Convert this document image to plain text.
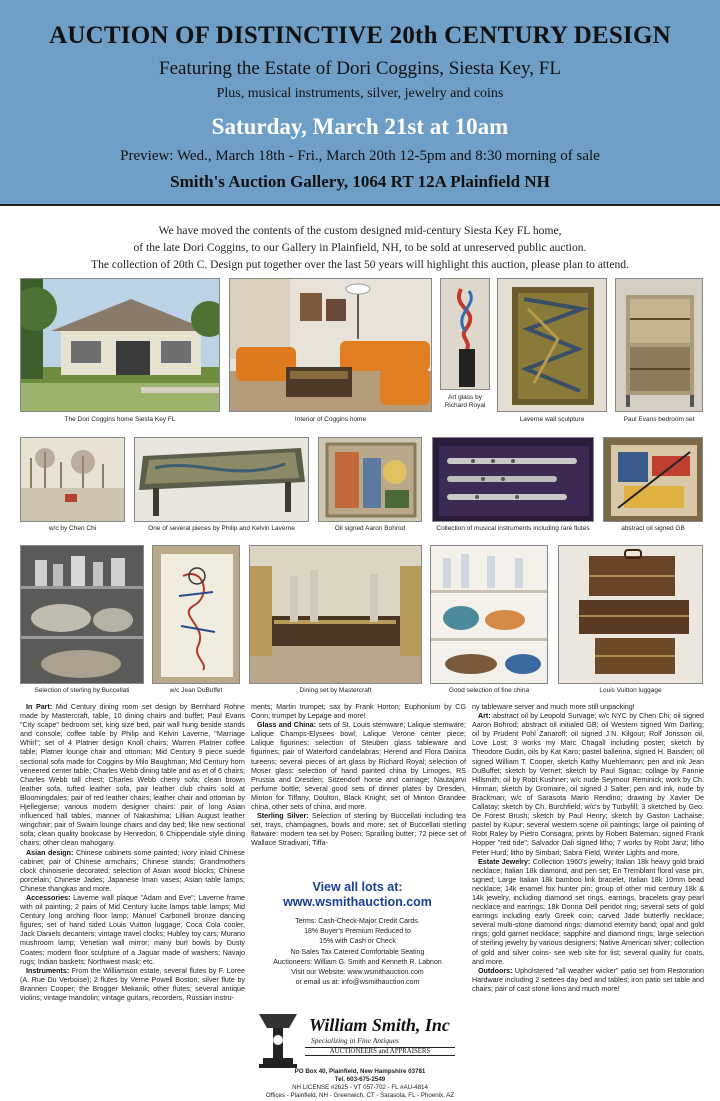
AUCTION OF DISTINCTIVE 20th CENTURY DESIGN
Featuring the Estate of Dori Coggins, Siesta Key, FL
Plus, musical instruments, silver, jewelry and coins
Saturday, March 21st at 10am
Preview: Wed., March 18th - Fri., March 20th 12-5pm and 8:30 morning of sale
Smith's Auction Gallery, 1064 RT 12A Plainfield NH
We have moved the contents of the custom designed mid-century Siesta Key FL home,
of the late Dori Coggins, to our Gallery in Plainfield, NH, to be sold at unreserved public auction.
The collection of 20th C. Design put together over the last 50 years will highlight this auction, please plan to attend.
The Dori Coggins home Siesta Key FL	Interior of Coggins home
Art glass by
Richard Royal
Laverne wall sculpture	Paul Evans bedroom set
w/c by Chen Chi	One of several pieces by Philip and Kelvin Laverne	Oil signed Aaron Bohrod	Collection of musical instruments including rare flutes	abstract oil signed GB
Selection of sterling by Buccellati	w/c Jean DuBuffet	Dining set by Mastercraft	Good selection of fine china	Louis Vuitton luggage

In Part: Mid Century dining room set design by Bernhard Rohne made by Mastercraft, table, 10 dining chairs and buffet; Paul Evans "City scape" bedroom set, king size bed, pair wall hung beside stands and console; coffee table by Philip and Kelvin Laverne, "Marriage Whirl"; set of 4 Platner design Knoll chairs; Warren Platner coffee table; Platner lounge chair and ottoman; Mid Century 9 piece suede sectional sofa made for Coggins by Milo Baughman; Mid Century horn veneered center table; Charles Webb dining table and as et of 6 chairs; Charles Webb tall chest; Charles Webb cherry sofa; clean brown leather sofa, tufted leather sofa, pair leather club chairs sold at Bloomingdales; pair of red leather chairs; leather chair and ottoman by Hjellegjerse; various modern designer chairs: pair of long Asian influenced hall tables, manner of Nakashima; Lillian August leather wingchair; pair of Swaim lounge chairs and day bed; like new sectional sofa; clean quality bookcase by Henredon, 6 Chippendale style dining chairs; other clean mahogany.

Asian design: Chinese cabinets some painted; ivory inlaid Chinese cabinet; pair of Chinese armchairs; Chinese stands; Grandmothers clock chinoiserie decorated; selection of Asian wood blocks; Chinese porcelain; Chinese Jades; Japanese Imari vases; Asian table lamps; Chinese thangkas and more.

Accessories: Laverne wall plaque "Adam and Eve"; Laverne frame with oil painting; 2 pairs of Mid Century lucite lamps table lamps; Mid Century long arching floor lamp; Manuel Carbonell bronze dancing figures; set of hand sided Louis Vuitton luggage; Coca Cola cooler, Jack Daniels decanters; vintage travel clocks; Hubley toy cars; Murano mushroom lamp; Venetian wall mirror; many burl bowls by Dusty Coates; modern floor sculpture of a Jaguar made of washers; Navajo rugs; Indian baskets; Northwest mask; etc.

Instruments: From the Williamson estate, several flutes by F. Loree (A. Rue Du Verboise); 2 flutes by Verne Powell Boston; silver flute by Brannen Cooper; the Brogger Mekanik; other flutes; several antique violins; vintage mandolin; vintage guitars, recorders, Russian instru-

ments; Martin trumpet; sax by Frank Horton; Euphonium by CG Conn; trumpet by Lepage and more!

Glass and China: sets of St. Louis stemware; Lalique stemware; Lalique Champs-Elysees bowl; Lalique Verone center piece; Lalique figurines; selection of Steuben glass tableware and figurines; pair of Waterford candelabras; Herend and Flora Danica tureens; several pieces of art glass by Richard Royal; selection of Moser glass; selection of hand painted china by Limoges, RS Prussia and Dresden; Sitzendorf horse and carriage; Nautajarvi perfume bottle; several good sets of dinner plates by Dresden, Minton for Tiffany, Doulton, Black Knight; set of Minton Grandee china, other sets of china, and more.

Sterling Silver: Selection of sterling by Buccellati including tea set, trays, champagnes, bowls and more; set of Buccellati sterling flatware: modern tea set by Posen; Spratling butter; 72 piece set of Wallace Stradivari; Tiffa-

ny tableware server and much more still unpacking!

Art: abstract oil by Leopold Survage; w/c NYC by Chen Chi; oil signed Aaron Bohrod; abstract oil initialed GB; oil Western signed Wm Darling; oil by Prudent Pohl Zanaroff; oil signed J.N. Kilgour; Rolf Jonsson oil, Love Lost; 3 works my Marc Chagall including poster; sketch by Theodore Gudin, oils by Kat Karo; pastel ballerina, signed H. Baisden; oil signed William T. Cooper, sketch Kathy Muehlemann; pen and ink Jean DuBuffet; sketch by Vernet; sketch by Paul Signac; collage by Fannie Hillsmith; oil by Robt Kushner; w/c nude Seymour Reminick; work by Ch. Hinman; sketch by Gromaire, oil signed J Salter; pen and ink, nude by Brackman; w/c of Sarasota Mario Rendino; drawing by Xavier De Callatay; sketch by Ch. Burchfield; w/c's by Turbyfill; 3 sketched by Geo. De Forest Brush; sketch by Paul Henry; sketch by Gaston Lachaise; pastel by Kupur; several western scene oil paintings; large oil painting of Robt Raley by Pietro Consagra; prints by Robert Bateman; signed Frank Hopper "red tide"; Salvador Dali signed litho; 7 works by Robt Janz; litho Peter Hurd; litho by Simbari; Sabra Field, Winter Lights and more.

Estate Jewelry: Collection 1960's jewelry; Italian 18k heavy gold braid necklace; Italian 18k diamond, and pen set; En Tremblant floral vase pin, signed; Large Italian 18k bamboo link bracelet, Italian 18k 10mm bead necklace; 14k enamel fox hunter pin; group of other mid century 18k & 14k jewelry, including diamond set rings, earrings, bracelets gray pearl necklace and earrings; 18k Donna Dell peridot ring; several sets of gold earrings including early Greek coin; carved Jade butterfly necklace; several multi-stone diamond rings; diamond eternity band; opal and gold rings; gold garnet necklace; sapphire and diamond rings; large selection of sterling jewelry by various designers; Native American silver; collection of gold and silver coins- see web site for list; several quality fur coats, and more.

Outdoors: Upholstered "all weather wicker" patio set from Restoration Hardware including 2 settees day bed and tables; iron patio set table and chairs; pair of cast stone lions and much more!

View all lots at:
www.wsmithauction.com
Terms: Cash-Check-Major Credit Cards.
18% Buyer's Premium Reduced to
15% with Cash or Check
No Sales Tax Catered Comfortable Seating
Auctioneers: William G. Smith and Kenneth R. Labnon
Visit our Website: www.wsmithauction.com
or email us at: info@wsmithauction.com
William Smith, Inc
Specializing in Fine Antiques
AUCTIONEERS and APPRAISERS
PO Box 40, Plainfield, New Hampshire 03781
Tel. 603-675-2549
NH LICENSE #2625 - VT 057-702 - FL #AU-4814
Offices - Plainfield, NH - Greenwich, CT - Sarasota, FL - Phoenix, AZ
